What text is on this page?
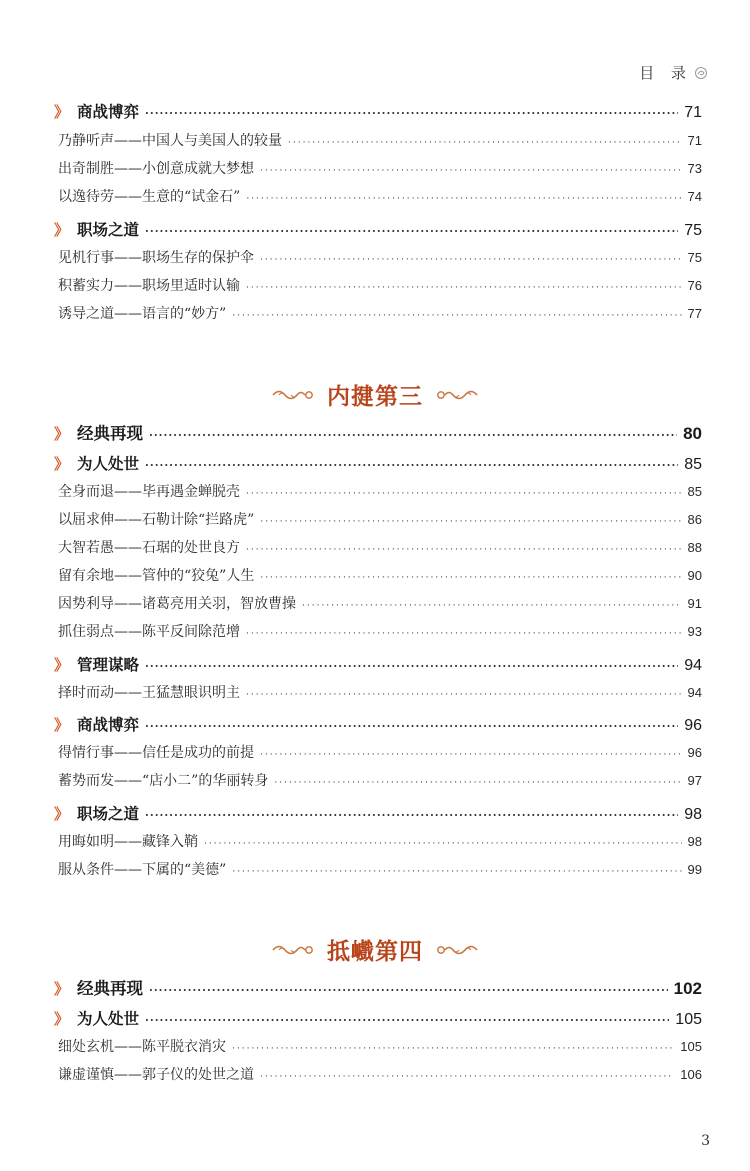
目 录
》 商战博弈 ·····	71
乃静听声——中国人与美国人的较量 ·····	71
出奇制胜——小创意成就大梦想 ·····	73
以逸待劳——生意的“试金石” ·····	74
》 职场之道 ·····	75
见机行事——职场生存的保护伞 ·····	75
积蓄实力——职场里适时认输 ·····	76
诱导之道——语言的“妙方” ·····	77
内揵第三
》 经典再现 ·····	80
》 为人处世 ·····	85
全身而退——毕再遇金蝉脱壳 ·····	85
以屈求伸——石勒计除“拦路虎” ·····	86
大智若愚——石琚的处世良方 ·····	88
留有余地——管仲的“狡兔”人生 ·····	90
因势利导——诸葛亮用关羽，智放曹操 ·····	91
抓住弱点——陈平反间除范增 ·····	93
》 管理谋略 ·····	94
择时而动——王猛慧眼识明主 ·····	94
》 商战博弈 ·····	96
得情行事——信任是成功的前提 ·····	96
蓄势而发——“店小二”的华丽转身 ·····	97
》 职场之道 ·····	98
用晦如明——藏锋入鞘 ·····	98
服从条件——下属的“美德” ·····	99
抵巇第四
》 经典再现 ·····	102
》 为人处世 ·····	105
细处玄机——陈平脱衣消灾 ·····	105
谦虚谨慎——郭子仪的处世之道 ·····	106
3
